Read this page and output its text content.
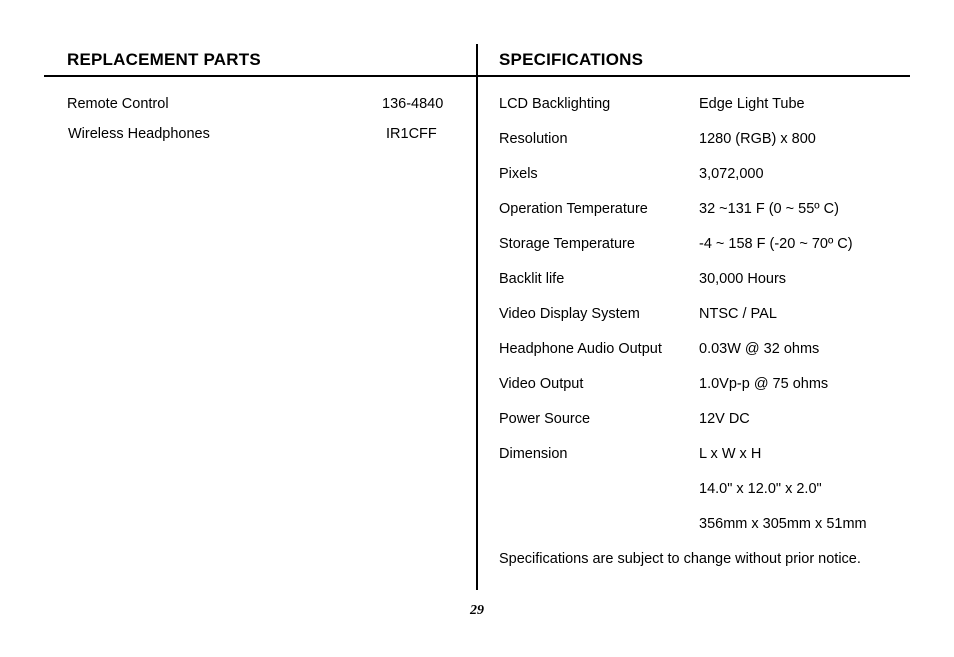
REPLACEMENT PARTS	SPECIFICATIONS
Remote Control	136-4840
Wireless Headphones	IR1CFF
LCD Backlighting	Edge Light Tube
Resolution	1280 (RGB) x 800
Pixels	3,072,000
Operation Temperature	32 ~131 F (0 ~ 55º C)
Storage Temperature	-4 ~ 158 F (-20 ~ 70º C)
Backlit life	30,000 Hours
Video Display System	NTSC / PAL
Headphone Audio Output	0.03W @ 32 ohms
Video Output	1.0Vp-p @ 75 ohms
Power Source	12V DC
Dimension	L x W x H
14.0" x 12.0" x 2.0"
356mm x 305mm x 51mm
Specifications are subject to change without prior notice.
29
